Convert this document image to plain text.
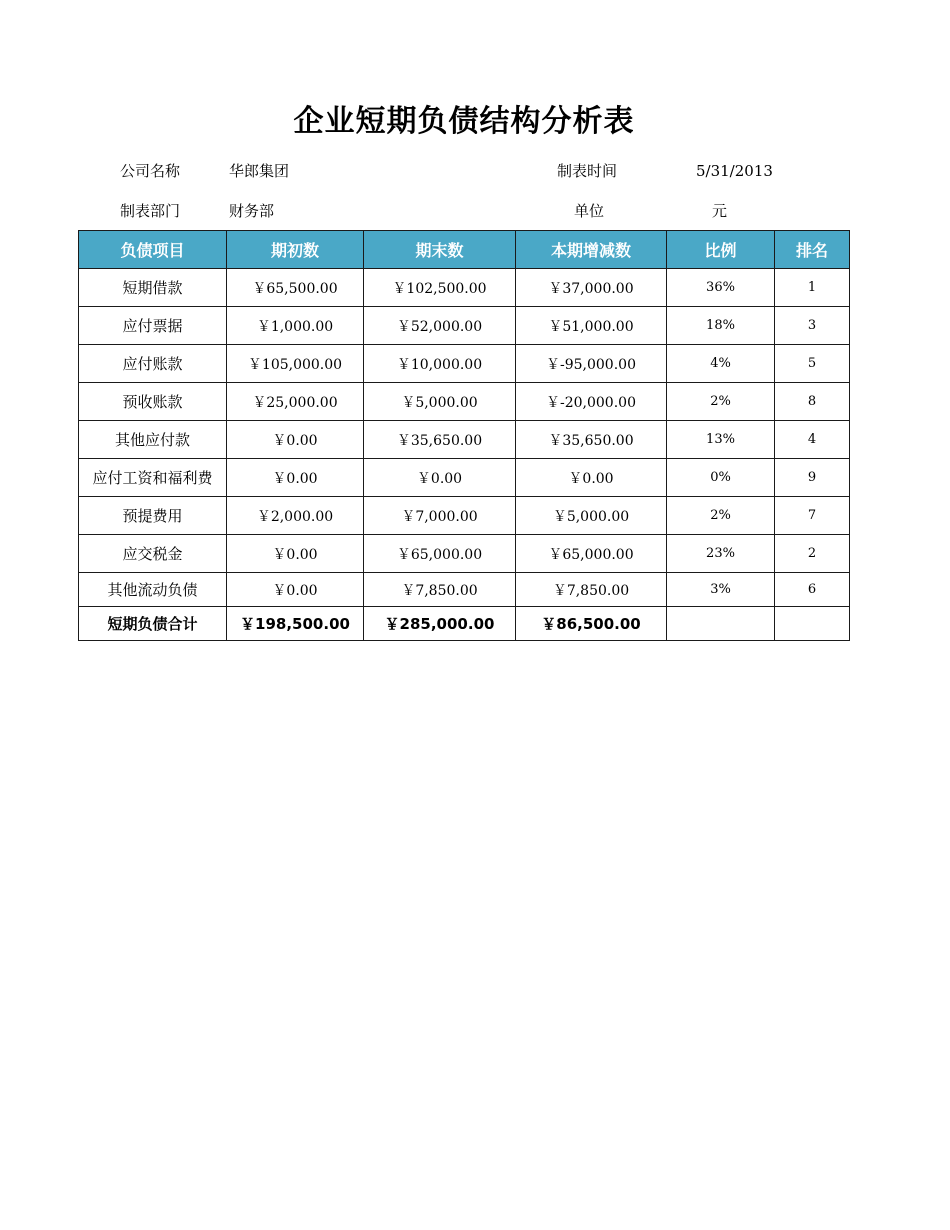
企业短期负债结构分析表
公司名称	华郎集团	制表时间	5/31/2013
制表部门	财务部	单位	元
负债项目	期初数	期末数	本期增减数	比例	排名
短期借款	￥65,500.00	￥102,500.00	￥37,000.00	36%	1
应付票据	￥1,000.00	￥52,000.00	￥51,000.00	18%	3
应付账款	￥105,000.00	￥10,000.00	￥-95,000.00	4%	5
预收账款	￥25,000.00	￥5,000.00	￥-20,000.00	2%	8
其他应付款	￥0.00	￥35,650.00	￥35,650.00	13%	4
应付工资和福利费	￥0.00	￥0.00	￥0.00	0%	9
预提费用	￥2,000.00	￥7,000.00	￥5,000.00	2%	7
应交税金	￥0.00	￥65,000.00	￥65,000.00	23%	2
其他流动负债	￥0.00	￥7,850.00	￥7,850.00	3%	6
短期负债合计	￥198,500.00	￥285,000.00	￥86,500.00		
